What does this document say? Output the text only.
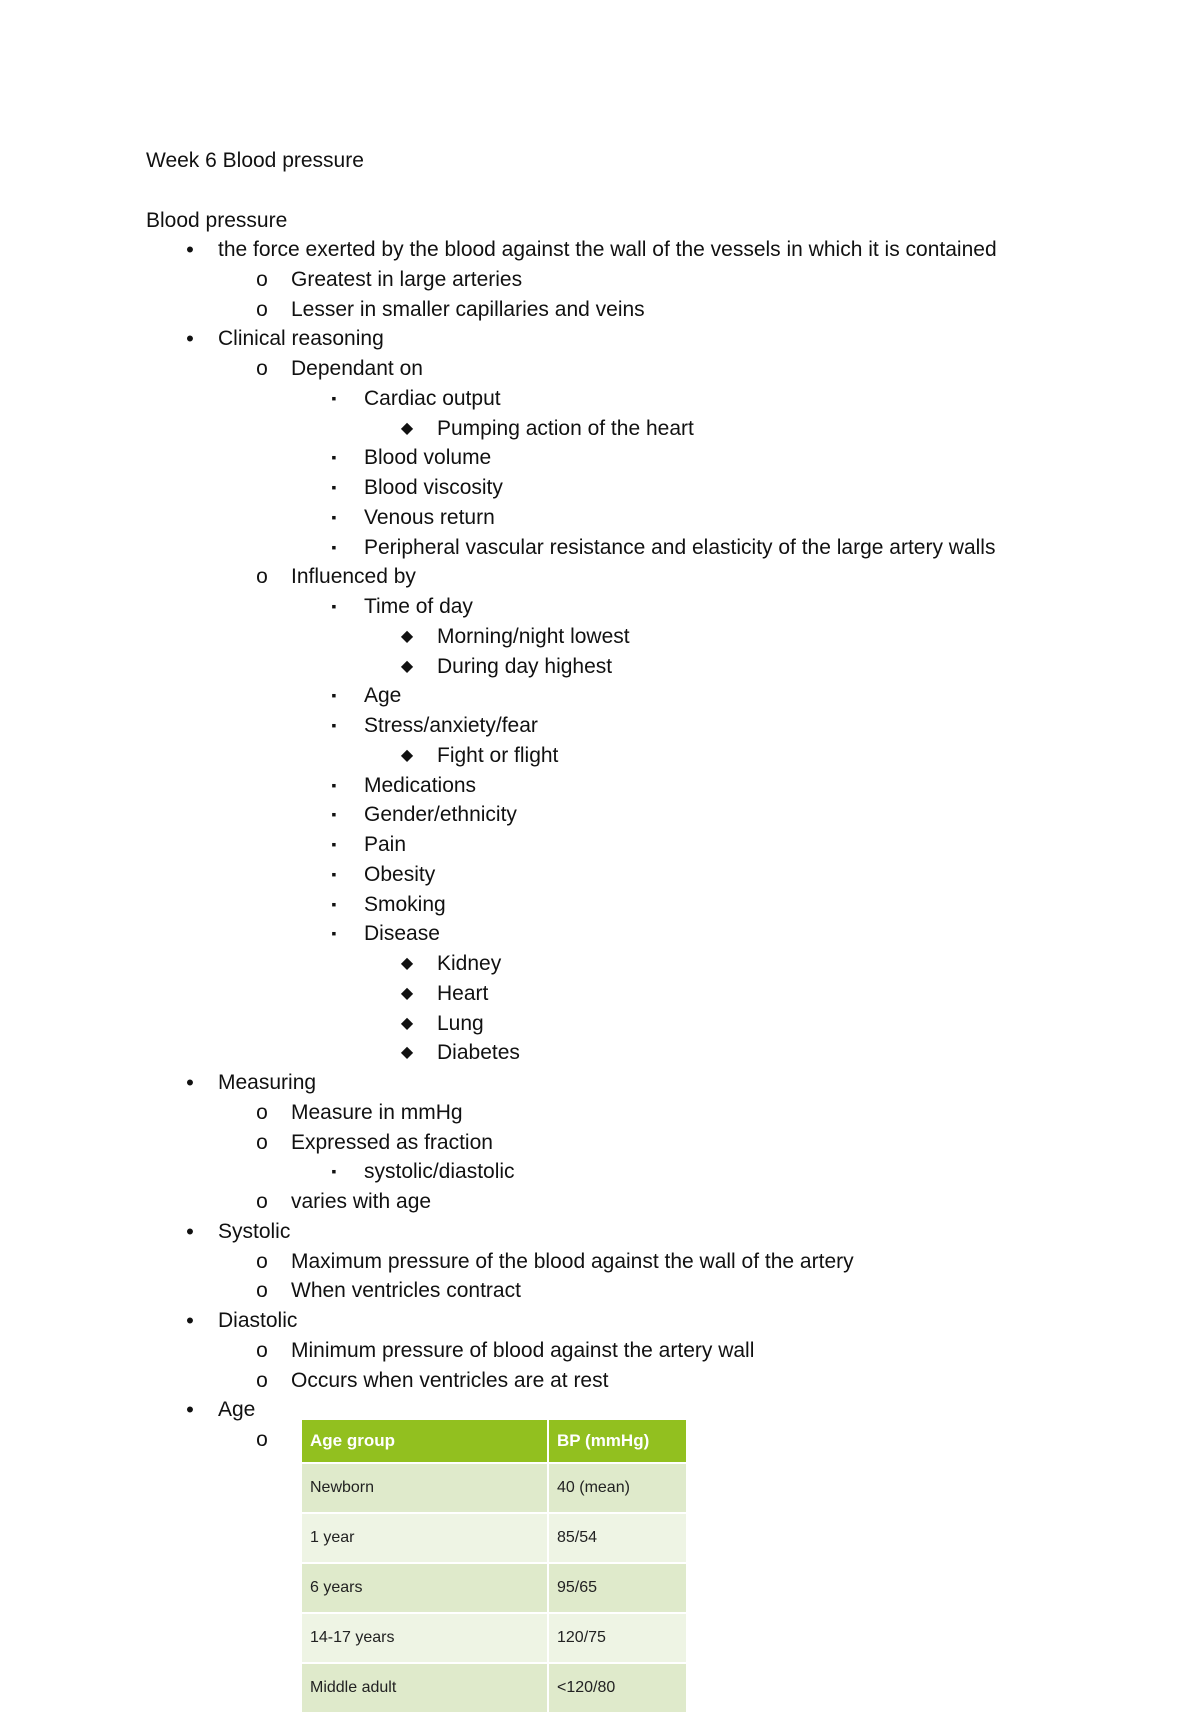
Week 6 Blood pressure
Blood pressure
•	the force exerted by the blood against the wall of the vessels in which it is contained
o Greatest in large arteries
o Lesser in smaller capillaries and veins
•	Clinical reasoning
o Dependant on
▪	Cardiac output
◆ Pumping action of the heart
▪	Blood volume
▪	Blood viscosity
▪	Venous return
▪	Peripheral vascular resistance and elasticity of the large artery walls
o Influenced by
▪	Time of day
◆ Morning/night lowest
◆ During day highest
▪	Age
▪	Stress/anxiety/fear
◆ Fight or flight
▪	Medications
▪	Gender/ethnicity
▪	Pain
▪	Obesity
▪	Smoking
▪	Disease
◆ Kidney
◆ Heart
◆ Lung
◆ Diabetes
•	Measuring
o Measure in mmHg
o Expressed as fraction
▪	systolic/diastolic
o varies with age
•	Systolic
o Maximum pressure of the blood against the wall of the artery
o When ventricles contract
•	Diastolic
o Minimum pressure of blood against the artery wall
o Occurs when ventricles are at rest
•	Age
o	Age group	BP (mmHg)
Newborn	40 (mean)
1 year	85/54
6 years	95/65
14-17 years	120/75
Middle adult	<120/80
